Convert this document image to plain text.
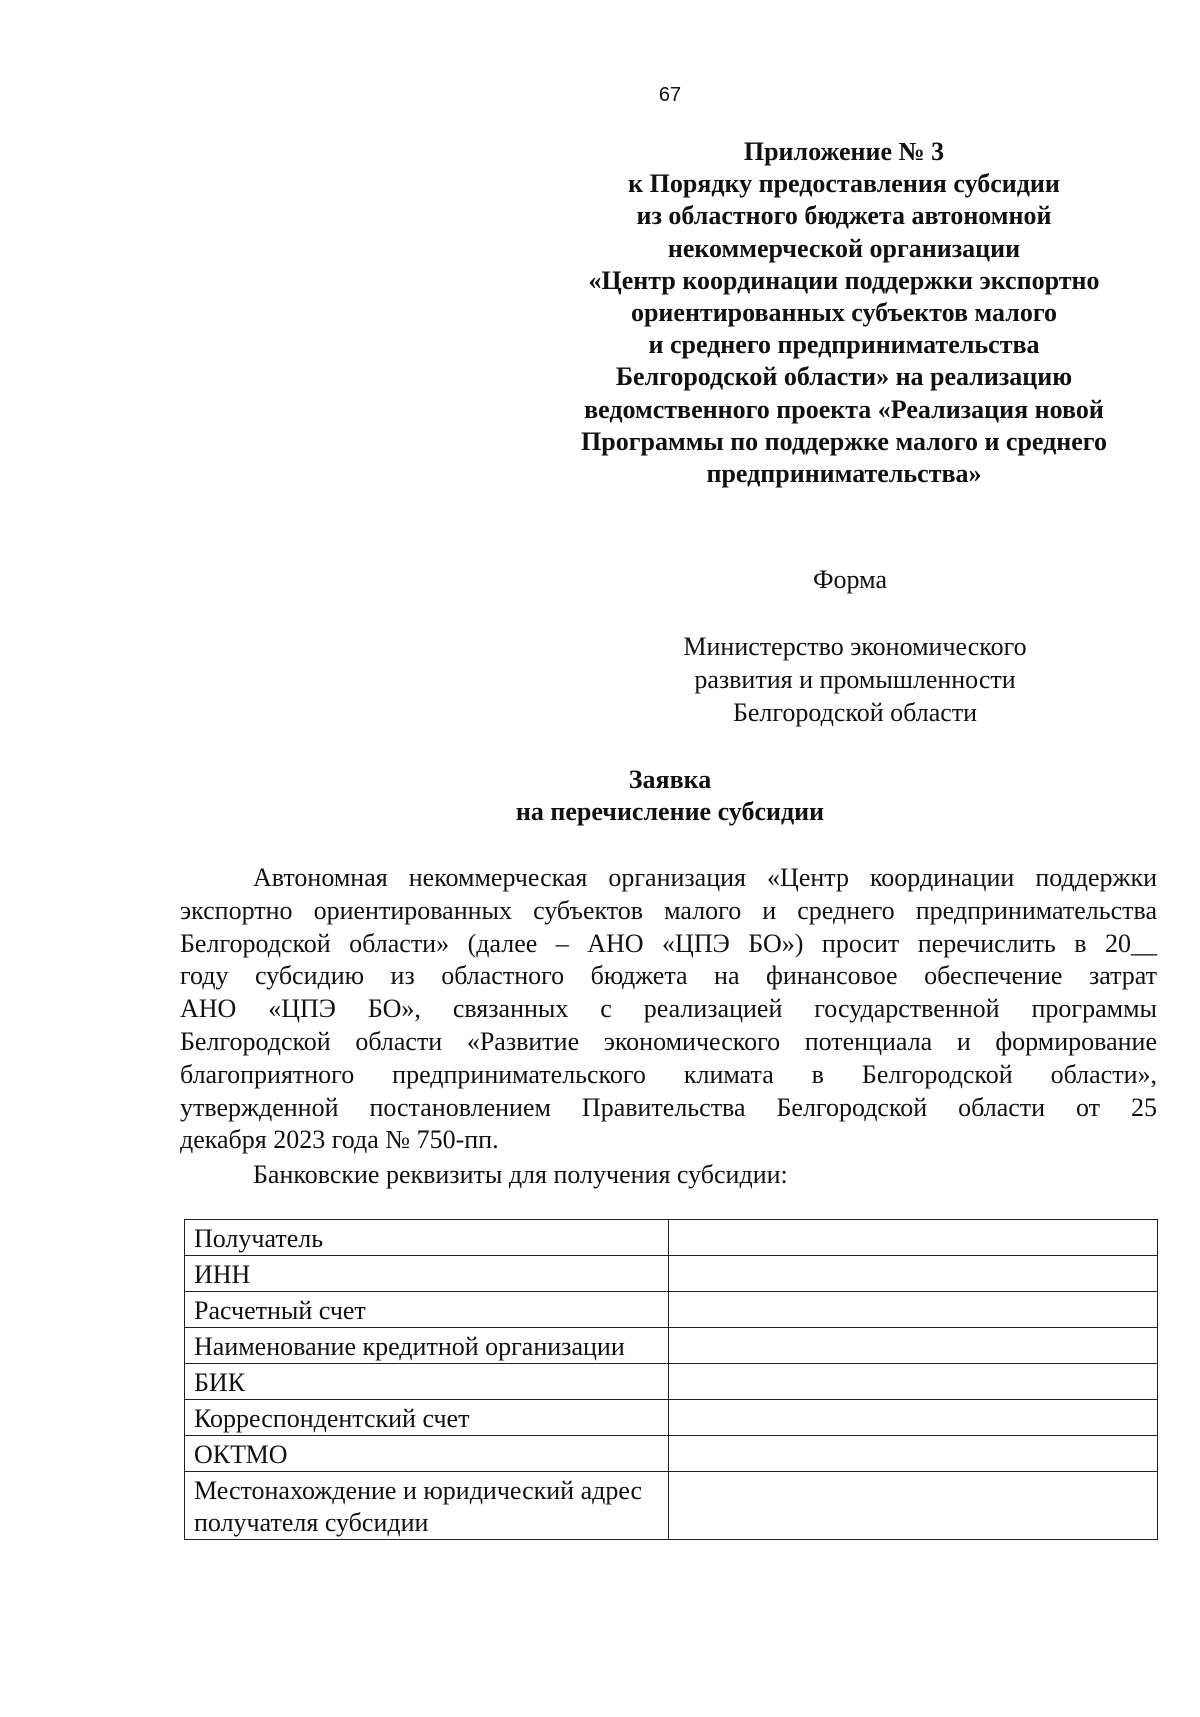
67
Приложение № 3
к Порядку предоставления субсидии
из областного бюджета автономной
некоммерческой организации
«Центр координации поддержки экспортно
ориентированных субъектов малого
и среднего предпринимательства
Белгородской области» на реализацию
ведомственного проекта «Реализация новой
Программы по поддержке малого и среднего
предпринимательства»
Форма
Министерство экономического
развития и промышленности
Белгородской области
Заявка
на перечисление субсидии
Автономная некоммерческая организация «Центр координации поддержки
экспортно ориентированных субъектов малого и среднего предпринимательства
Белгородской области» (далее – АНО «ЦПЭ БО») просит перечислить в 20__
году субсидию из областного бюджета на финансовое обеспечение затрат
АНО «ЦПЭ БО», связанных с реализацией государственной программы
Белгородской области «Развитие экономического потенциала и формирование
благоприятного предпринимательского климата в Белгородской области»,
утвержденной постановлением Правительства Белгородской области от 25
декабря 2023 года № 750-пп.
Банковские реквизиты для получения субсидии:
Получатель	
ИНН	
Расчетный счет	
Наименование кредитной организации	
БИК	
Корреспондентский счет	
ОКТМО	
Местонахождение и юридический адрес получателя субсидии	
